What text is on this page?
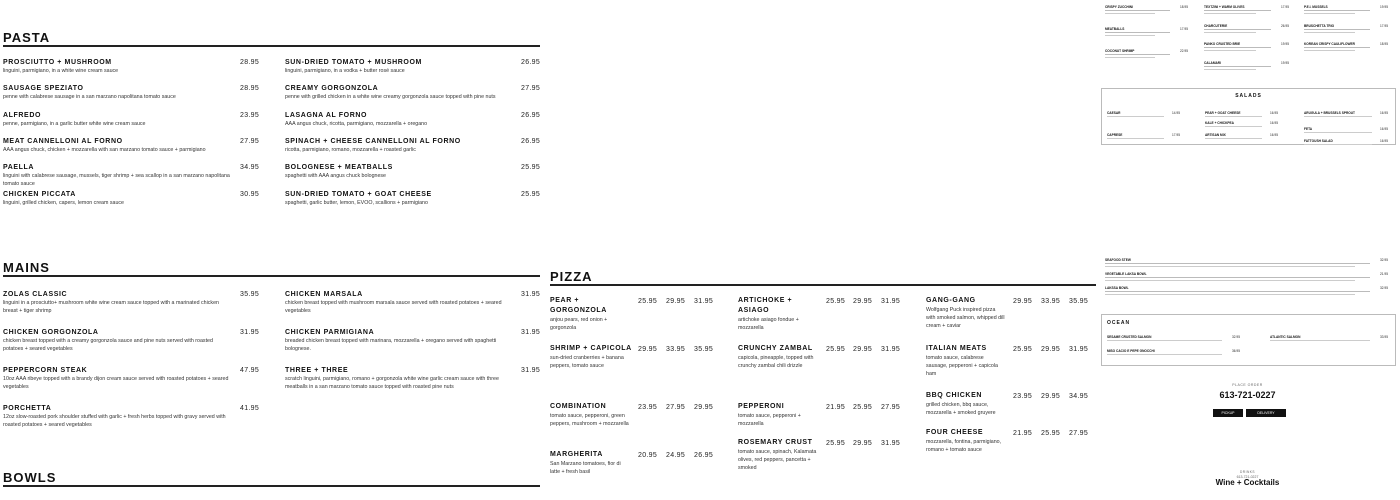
PASTA
PROSCIUTTO + MUSHROOM
linguini, parmigiano, in a white wine cream sauce
28.95
SAUSAGE SPEZIATO
penne with calabrese sausage in a san marzano napolitana tomato sauce
28.95
ALFREDO
penne, parmigiano, in a garlic butter white wine cream sauce
23.95
MEAT CANNELLONI AL FORNO
AAA angus chuck, chicken + mozzarella with san marzano tomato sauce + parmigiano
27.95
PAELLA
linguini with calabrese sausage, mussels, tiger shrimp + sea scallop in a san marzano napolitana tomato sauce
34.95
CHICKEN PICCATA
linguini, grilled chicken, capers, lemon cream sauce
30.95
SUN-DRIED TOMATO + MUSHROOM
linguini, parmigiano, in a vodka + butter rosé sauce
26.95
CREAMY GORGONZOLA
penne with grilled chicken in a white wine creamy gorgonzola sauce topped with pine nuts
27.95
LASAGNA AL FORNO
AAA angus chuck, ricotta, parmigiano, mozzarella + oregano
26.95
SPINACH + CHEESE CANNELLONI AL FORNO
ricotta, parmigiano, romano, mozzarella + roasted garlic
26.95
BOLOGNESE + MEATBALLS
spaghetti with AAA angus chuck bolognese
25.95
SUN-DRIED TOMATO + GOAT CHEESE
spaghetti, garlic butter, lemon, EVOO, scallions + parmigiano
25.95
MAINS
ZOLAS CLASSIC
linguini in a prosciutto+ mushroom white wine cream sauce topped with a marinated chicken breast + tiger shrimp
35.95
CHICKEN GORGONZOLA
chicken breast topped with a creamy gorgonzola sauce and pine nuts served with roasted potatoes + seared vegetables
31.95
PEPPERCORN STEAK
10oz AAA ribeye topped with a brandy dijon cream sauce served with roasted potatoes + seared vegetables
47.95
PORCHETTA
12oz slow-roasted pork shoulder stuffed with garlic + fresh herbs topped with gravy served with roasted potatoes + seared vegetables
41.95
CHICKEN MARSALA
chicken breast topped with mushroom marsala sauce served with roasted potatoes + seared vegetables
31.95
CHICKEN PARMIGIANA
breaded chicken breast topped with marinara, mozzarella + oregano served with spaghetti bolognese.
31.95
THREE + THREE
scratch linguini, parmigiano, romano + gorgonzola white wine garlic cream sauce with three meatballs in a san marzano tomato sauce topped with roasted pine nuts
31.95
BOWLS
PIZZA
PEAR + GORGONZOLA
anjou pears, red onion + gorgonzola
25.95 29.95 31.95
SHRIMP + CAPICOLA
sun-dried cranberries + banana peppers, tomato sauce
29.95 33.95 35.95
COMBINATION
tomato sauce, pepperoni, green peppers, mushroom + mozzarella
23.95 27.95 29.95
MARGHERITA
San Marzano tomatoes, fior di latte + fresh basil
20.95 24.95 26.95
ARTICHOKE + ASIAGO
artichoke asiago fondue + mozzarella
25.95 29.95 31.95
CRUNCHY ZAMBAL
capicola, pineapple, topped with crunchy zambal chili drizzle
25.95 29.95 31.95
PEPPERONI
tomato sauce, pepperoni + mozzarella
21.95 25.95 27.95
ROSEMARY CRUST
tomato sauce, spinach, Kalamata olives, red peppers, pancetta + smoked
25.95 29.95 31.95
GANG-GANG
Wolfgang Puck inspired pizza with smoked salmon, whipped dill cream + caviar
29.95 33.95 35.95
ITALIAN MEATS
tomato sauce, calabrese sausage, pepperoni + capicola ham
25.95 29.95 31.95
BBQ CHICKEN
grilled chicken, bbq sauce, mozzarella + smoked gruyere
23.95 29.95 34.95
FOUR CHEESE
mozzarella, fontina, parmigiano, romano + tomato sauce
21.95 25.95 27.95
CRISPY ZUCCHINI	18.95
MEATBALLS	17.95
COCONUT SHRIMP	22.95
TEXTZINI + WARM OLIVES	17.95
CHARCUTERIE	26.95
PANKO CRUSTED BRIE	19.95
CALAMARI	19.95
P.E.I. MUSSELS	19.95
BRUSCHETTA TRIO	17.95
KOREAN CRISPY CAULIFLOWER	18.95
SALADS
CAESAR	14.95
CAPRESE	17.95
PEAR + GOAT CHEESE	16.95
KALE + CHICKPEA	16.95
ARTISAN MIX	16.95
ARUGULA + BRUSSELS SPROUT	16.95
FETA	16.95
FATTOUSH SALAD	16.95
SEAFOOD STEW	32.95
VEGETABLE LAKSA BOWL	21.95
LAKSSA BOWL	32.95
OCEAN
SESAME CRUSTED SALMON	32.95
MISO CACIO E PEPE GNOCCHI	36.95
ATLANTIC SALMON	33.95
PLACE ORDER
613-721-0227
PICKUP	DELIVERY
DRINKS
613-721-0227
Wine + Cocktails
